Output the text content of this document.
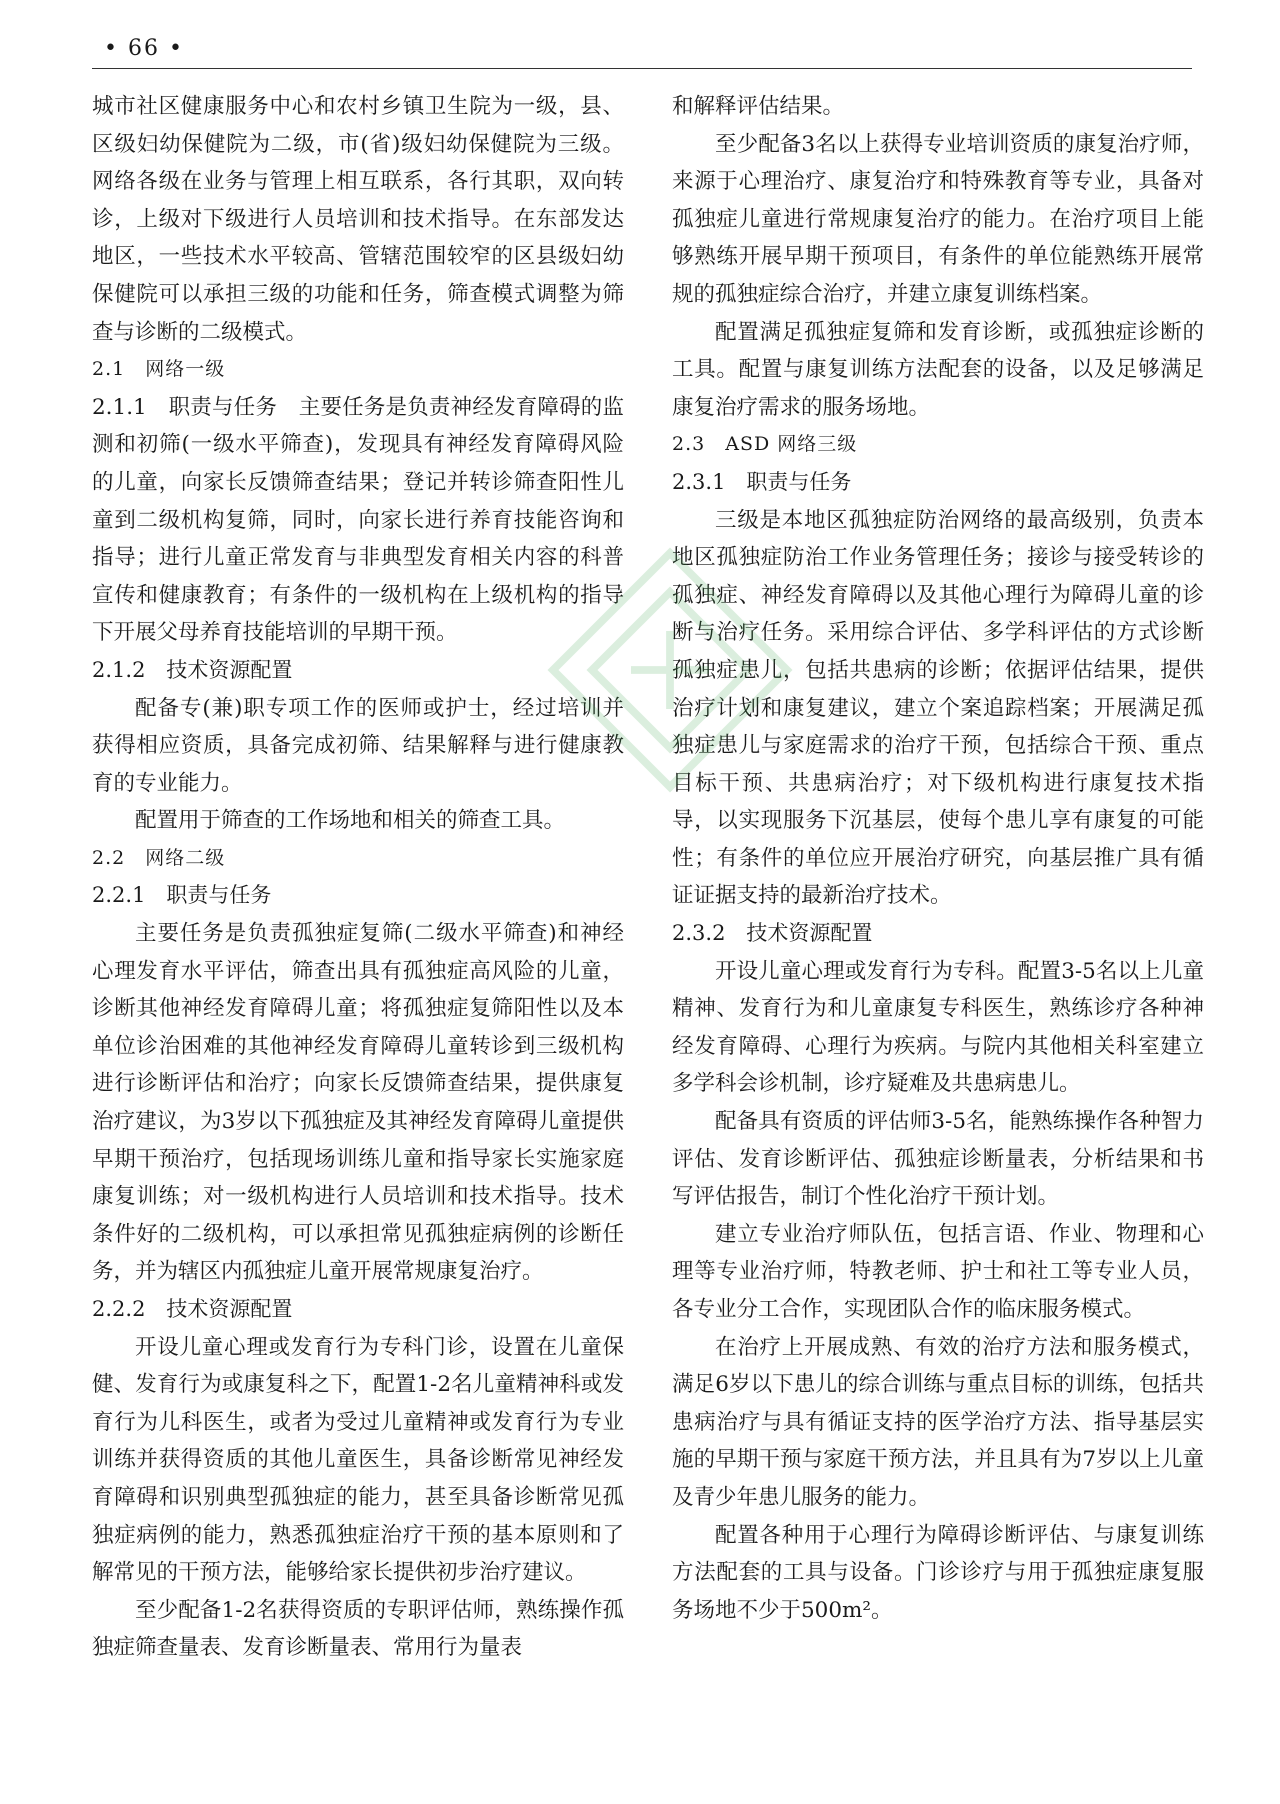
• 66 •

城市社区健康服务中心和农村乡镇卫生院为一级，县、区级妇幼保健院为二级，市(省)级妇幼保健院为三级。网络各级在业务与管理上相互联系，各行其职，双向转诊，上级对下级进行人员培训和技术指导。在东部发达地区，一些技术水平较高、管辖范围较窄的区县级妇幼保健院可以承担三级的功能和任务，筛查模式调整为筛查与诊断的二级模式。

2.1　网络一级

2.1.1　职责与任务　主要任务是负责神经发育障碍的监测和初筛(一级水平筛查)，发现具有神经发育障碍风险的儿童，向家长反馈筛查结果；登记并转诊筛查阳性儿童到二级机构复筛，同时，向家长进行养育技能咨询和指导；进行儿童正常发育与非典型发育相关内容的科普宣传和健康教育；有条件的一级机构在上级机构的指导下开展父母养育技能培训的早期干预。

2.1.2　技术资源配置

配备专(兼)职专项工作的医师或护士，经过培训并获得相应资质，具备完成初筛、结果解释与进行健康教育的专业能力。

配置用于筛查的工作场地和相关的筛查工具。

2.2　网络二级

2.2.1　职责与任务

主要任务是负责孤独症复筛(二级水平筛查)和神经心理发育水平评估，筛查出具有孤独症高风险的儿童，诊断其他神经发育障碍儿童；将孤独症复筛阳性以及本单位诊治困难的其他神经发育障碍儿童转诊到三级机构进行诊断评估和治疗；向家长反馈筛查结果，提供康复治疗建议，为3岁以下孤独症及其神经发育障碍儿童提供早期干预治疗，包括现场训练儿童和指导家长实施家庭康复训练；对一级机构进行人员培训和技术指导。技术条件好的二级机构，可以承担常见孤独症病例的诊断任务，并为辖区内孤独症儿童开展常规康复治疗。

2.2.2　技术资源配置

开设儿童心理或发育行为专科门诊，设置在儿童保健、发育行为或康复科之下，配置1-2名儿童精神科或发育行为儿科医生，或者为受过儿童精神或发育行为专业训练并获得资质的其他儿童医生，具备诊断常见神经发育障碍和识别典型孤独症的能力，甚至具备诊断常见孤独症病例的能力，熟悉孤独症治疗干预的基本原则和了解常见的干预方法，能够给家长提供初步治疗建议。

至少配备1-2名获得资质的专职评估师，熟练操作孤独症筛查量表、发育诊断量表、常用行为量表

和解释评估结果。

至少配备3名以上获得专业培训资质的康复治疗师，来源于心理治疗、康复治疗和特殊教育等专业，具备对孤独症儿童进行常规康复治疗的能力。在治疗项目上能够熟练开展早期干预项目，有条件的单位能熟练开展常规的孤独症综合治疗，并建立康复训练档案。

配置满足孤独症复筛和发育诊断，或孤独症诊断的工具。配置与康复训练方法配套的设备，以及足够满足康复治疗需求的服务场地。

2.3　ASD 网络三级

2.3.1　职责与任务

三级是本地区孤独症防治网络的最高级别，负责本地区孤独症防治工作业务管理任务；接诊与接受转诊的孤独症、神经发育障碍以及其他心理行为障碍儿童的诊断与治疗任务。采用综合评估、多学科评估的方式诊断孤独症患儿，包括共患病的诊断；依据评估结果，提供治疗计划和康复建议，建立个案追踪档案；开展满足孤独症患儿与家庭需求的治疗干预，包括综合干预、重点目标干预、共患病治疗；对下级机构进行康复技术指导，以实现服务下沉基层，使每个患儿享有康复的可能性；有条件的单位应开展治疗研究，向基层推广具有循证证据支持的最新治疗技术。

2.3.2　技术资源配置

开设儿童心理或发育行为专科。配置3-5名以上儿童精神、发育行为和儿童康复专科医生，熟练诊疗各种神经发育障碍、心理行为疾病。与院内其他相关科室建立多学科会诊机制，诊疗疑难及共患病患儿。

配备具有资质的评估师3-5名，能熟练操作各种智力评估、发育诊断评估、孤独症诊断量表，分析结果和书写评估报告，制订个性化治疗干预计划。

建立专业治疗师队伍，包括言语、作业、物理和心理等专业治疗师，特教老师、护士和社工等专业人员，各专业分工合作，实现团队合作的临床服务模式。

在治疗上开展成熟、有效的治疗方法和服务模式，满足6岁以下患儿的综合训练与重点目标的训练，包括共患病治疗与具有循证支持的医学治疗方法、指导基层实施的早期干预与家庭干预方法，并且具有为7岁以上儿童及青少年患儿服务的能力。

配置各种用于心理行为障碍诊断评估、与康复训练方法配套的工具与设备。门诊诊疗与用于孤独症康复服务场地不少于500m²。
